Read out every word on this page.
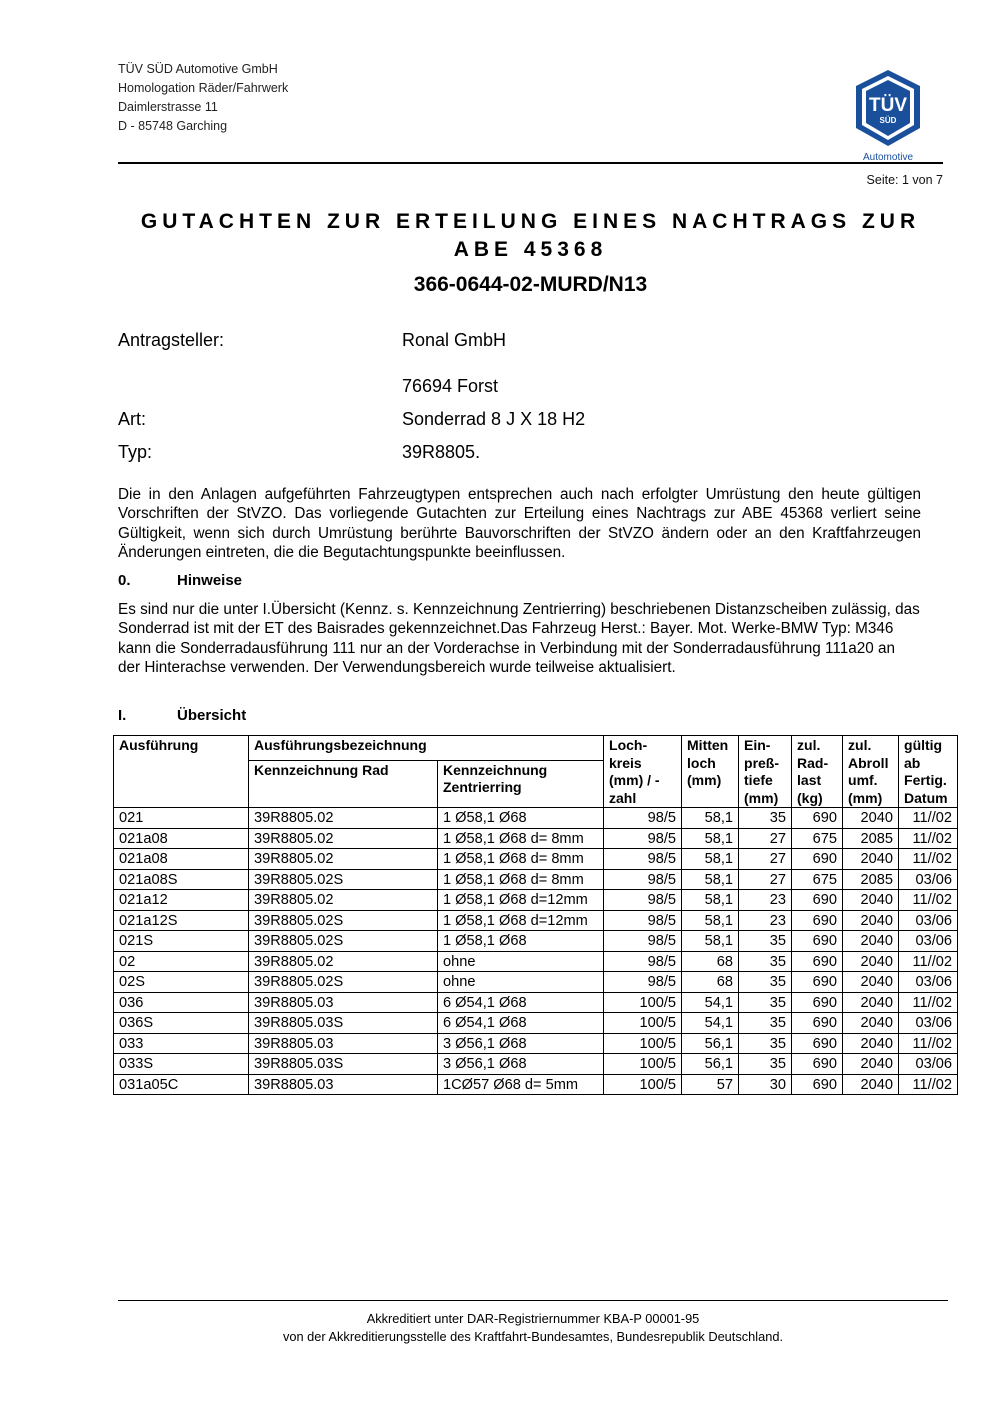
TÜV SÜD Automotive GmbH
Homologation Räder/Fahrwerk
Daimlerstrasse 11
D - 85748 Garching
TÜV
SÜD
Automotive
Seite: 1 von 7
GUTACHTEN ZUR ERTEILUNG EINES NACHTRAGS ZUR
ABE 45368
366-0644-02-MURD/N13
Antragsteller:	Ronal GmbH
76694 Forst
Art:	Sonderrad 8 J X 18 H2
Typ:	39R8805.
Die in den Anlagen aufgeführten Fahrzeugtypen entsprechen auch nach erfolgter Umrüstung den heute gültigen Vorschriften der StVZO. Das vorliegende Gutachten zur Erteilung eines Nachtrags zur ABE 45368 verliert seine Gültigkeit, wenn sich durch Umrüstung berührte Bauvorschriften der StVZO ändern oder an den Kraftfahrzeugen Änderungen eintreten, die die Begutachtungspunkte beeinflussen.
0.	Hinweise
Es sind nur die unter I.Übersicht (Kennz. s. Kennzeichnung Zentrierring) beschriebenen Distanzscheiben zulässig, das Sonderrad ist mit der ET des Baisrades gekennzeichnet.Das Fahrzeug Herst.: Bayer. Mot. Werke-BMW Typ: M346 kann die Sonderradausführung 111 nur an der Vorderachse in Verbindung mit der Sonderradausführung 111a20 an der Hinterachse verwenden. Der Verwendungsbereich wurde teilweise aktualisiert.
I.	Übersicht
Ausführung	Ausführungsbezeichnung		Loch-kreis (mm) / -zahl	Mitten loch (mm)	Ein-preß-tiefe (mm)	zul. Rad-last (kg)	zul. Abroll umf. (mm)	gültig ab Fertig. Datum
	Kennzeichnung Rad	Kennzeichnung Zentrierring						
021	39R8805.02	1 Ø58,1 Ø68	98/5	58,1	35	690	2040	11//02
021a08	39R8805.02	1 Ø58,1 Ø68 d= 8mm	98/5	58,1	27	675	2085	11//02
021a08	39R8805.02	1 Ø58,1 Ø68 d= 8mm	98/5	58,1	27	690	2040	11//02
021a08S	39R8805.02S	1 Ø58,1 Ø68 d= 8mm	98/5	58,1	27	675	2085	03/06
021a12	39R8805.02	1 Ø58,1 Ø68 d=12mm	98/5	58,1	23	690	2040	11//02
021a12S	39R8805.02S	1 Ø58,1 Ø68 d=12mm	98/5	58,1	23	690	2040	03/06
021S	39R8805.02S	1 Ø58,1 Ø68	98/5	58,1	35	690	2040	03/06
02	39R8805.02	ohne	98/5	68	35	690	2040	11//02
02S	39R8805.02S	ohne	98/5	68	35	690	2040	03/06
036	39R8805.03	6 Ø54,1 Ø68	100/5	54,1	35	690	2040	11//02
036S	39R8805.03S	6 Ø54,1 Ø68	100/5	54,1	35	690	2040	03/06
033	39R8805.03	3 Ø56,1 Ø68	100/5	56,1	35	690	2040	11//02
033S	39R8805.03S	3 Ø56,1 Ø68	100/5	56,1	35	690	2040	03/06
031a05C	39R8805.03	1CØ57 Ø68 d= 5mm	100/5	57	30	690	2040	11//02
Akkreditiert unter DAR-Registriernummer KBA-P 00001-95
von der Akkreditierungsstelle des Kraftfahrt-Bundesamtes, Bundesrepublik Deutschland.
